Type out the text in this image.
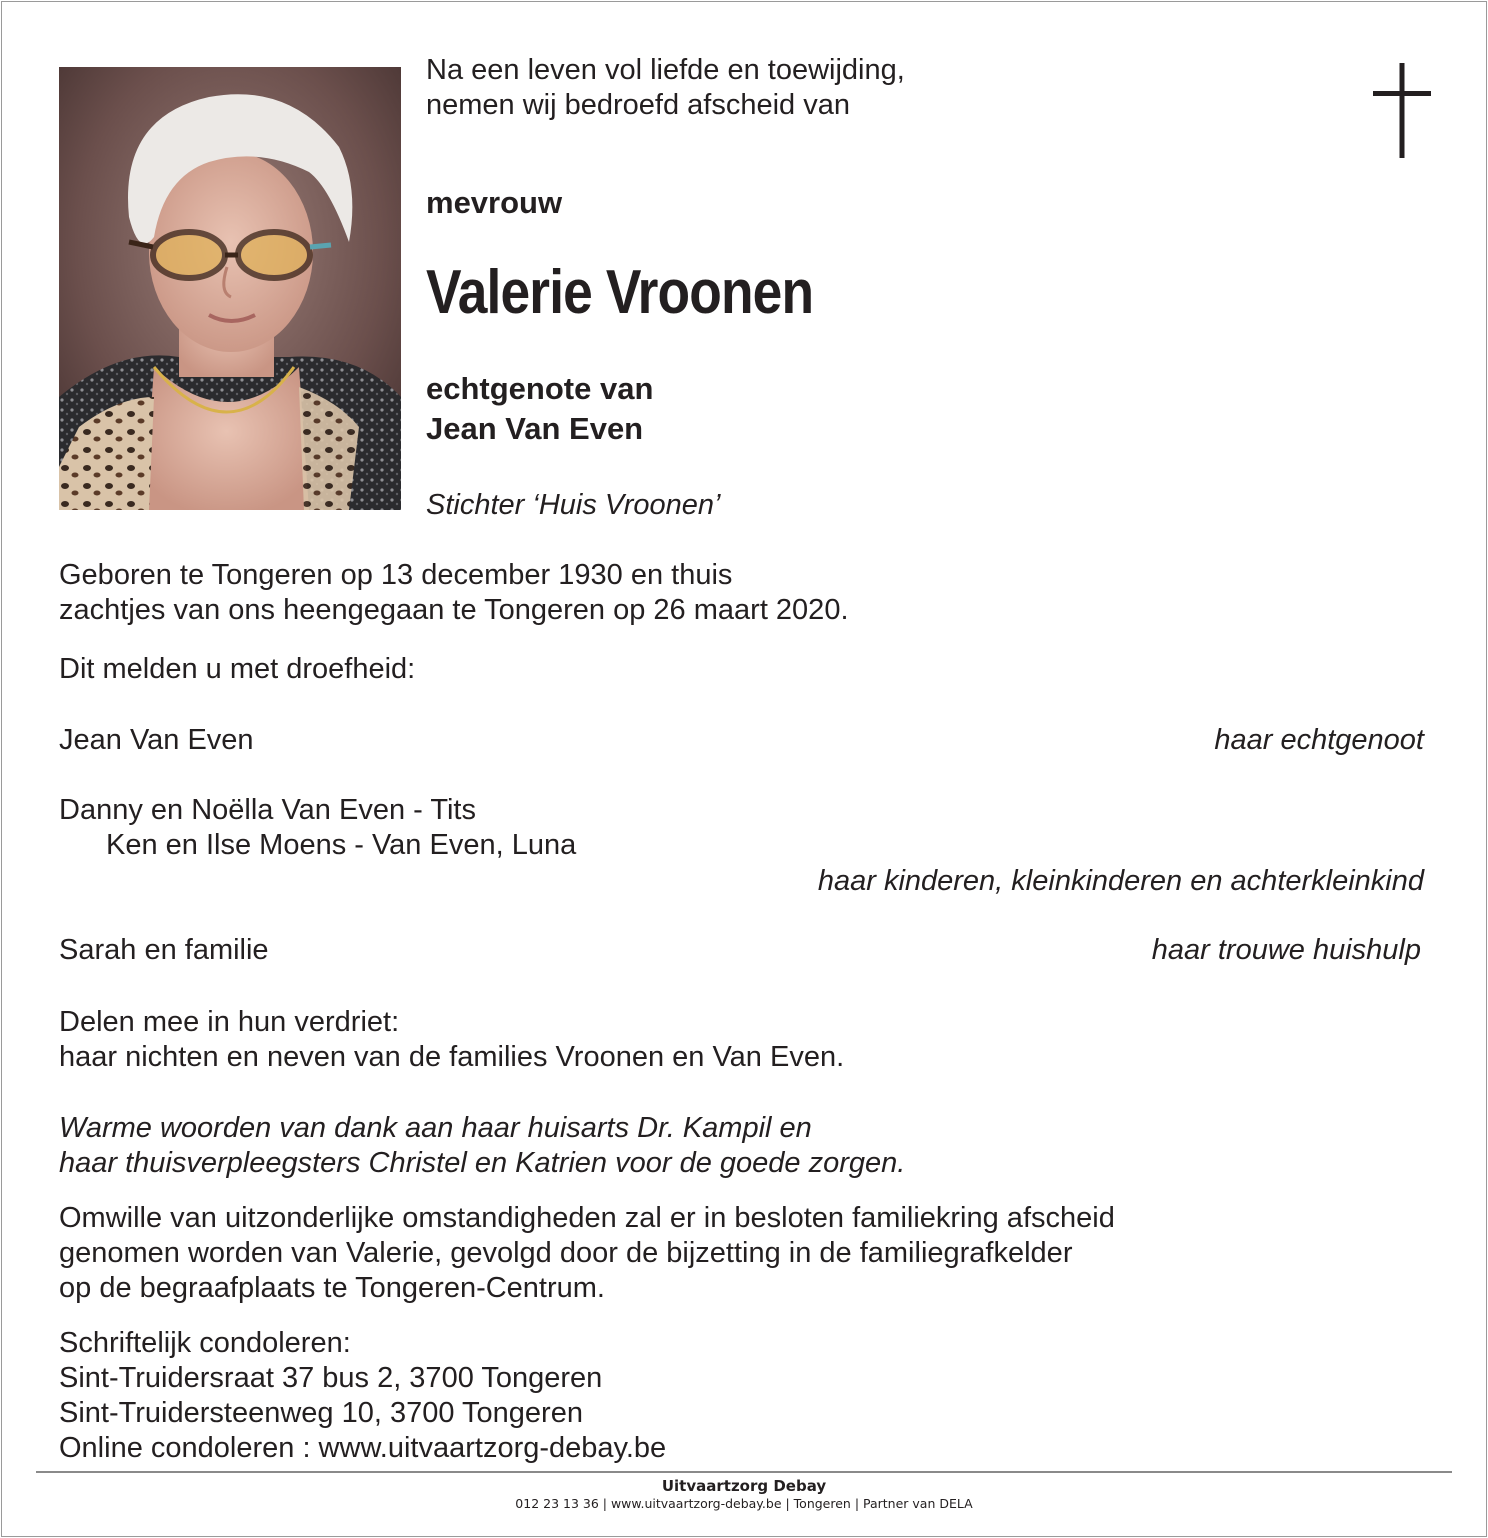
Na een leven vol liefde en toewijding,
nemen wij bedroefd afscheid van
mevrouw
Valerie Vroonen
echtgenote van
Jean Van Even
Stichter ‘Huis Vroonen’
Geboren te Tongeren op 13 december 1930 en thuis
zachtjes van ons heengegaan te Tongeren op 26 maart 2020.
Dit melden u met droefheid:
Jean Van Even	haar echtgenoot
Danny en Noëlla Van Even - Tits
Ken en Ilse Moens - Van Even, Luna
haar kinderen, kleinkinderen en achterkleinkind
Sarah en familie	haar trouwe huishulp
Delen mee in hun verdriet:
haar nichten en neven van de families Vroonen en Van Even.
Warme woorden van dank aan haar huisarts Dr. Kampil en
haar thuisverpleegsters Christel en Katrien voor de goede zorgen.
Omwille van uitzonderlijke omstandigheden zal er in besloten familiekring afscheid
genomen worden van Valerie, gevolgd door de bijzetting in de familiegrafkelder
op de begraafplaats te Tongeren-Centrum.
Schriftelijk condoleren:
Sint-Truidersraat 37 bus 2, 3700 Tongeren
Sint-Truidersteenweg 10, 3700 Tongeren
Online condoleren : www.uitvaartzorg-debay.be
Uitvaartzorg Debay
012 23 13 36 | www.uitvaartzorg-debay.be | Tongeren | Partner van DELA
